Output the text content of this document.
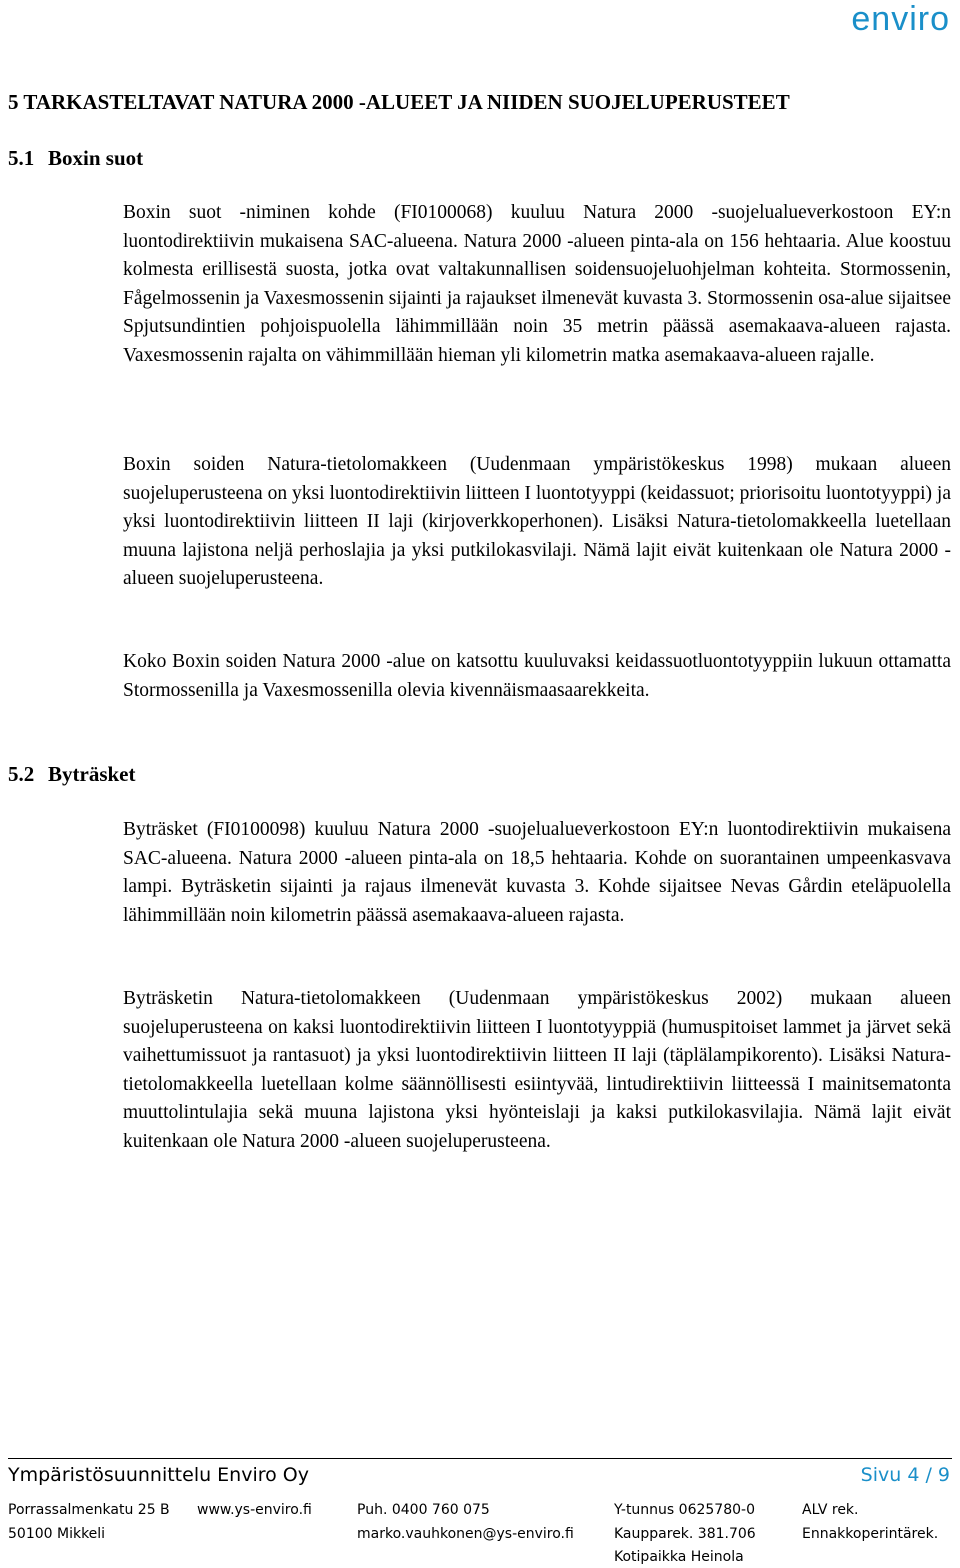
enviro
5 TARKASTELTAVAT NATURA 2000 -ALUEET JA NIIDEN SUOJELUPERUSTEET
5.1 Boxin suot
Boxin suot -niminen kohde (FI0100068) kuuluu Natura 2000 -suojelualueverkostoon EY:n luontodirektiivin mukaisena SAC-alueena. Natura 2000 -alueen pinta-ala on 156 hehtaaria. Alue koostuu kolmesta erillisestä suosta, jotka ovat valtakunnallisen soidensuojeluohjelman kohteita. Stormossenin, Fågelmossenin ja Vaxesmossenin sijainti ja rajaukset ilmenevät kuvasta 3. Stormossenin osa-alue sijaitsee Spjutsundintien pohjoispuolella lähimmillään noin 35 metrin päässä asemakaava-alueen rajasta. Vaxesmossenin rajalta on vähimmillään hieman yli kilometrin matka asemakaava-alueen rajalle.
Boxin soiden Natura-tietolomakkeen (Uudenmaan ympäristökeskus 1998) mukaan alueen suojeluperusteena on yksi luontodirektiivin liitteen I luontotyyppi (keidassuot; priorisoitu luontotyyppi) ja yksi luontodirektiivin liitteen II laji (kirjoverkkoperhonen). Lisäksi Natura-tietolomakkeella luetellaan muuna lajistona neljä perhoslajia ja yksi putkilokasvilaji. Nämä lajit eivät kuitenkaan ole Natura 2000 -alueen suojeluperusteena.
Koko Boxin soiden Natura 2000 -alue on katsottu kuuluvaksi keidassuotluontotyyppiin lukuun ottamatta Stormossenilla ja Vaxesmossenilla olevia kivennäismaasaarekkeita.
5.2 Byträsket
Byträsket (FI0100098) kuuluu Natura 2000 -suojelualueverkostoon EY:n luontodirektiivin mukaisena SAC-alueena. Natura 2000 -alueen pinta-ala on 18,5 hehtaaria. Kohde on suorantainen umpeenkasvava lampi. Byträsketin sijainti ja rajaus ilmenevät kuvasta 3. Kohde sijaitsee Nevas Gårdin eteläpuolella lähimmillään noin kilometrin päässä asemakaava-alueen rajasta.
Byträsketin Natura-tietolomakkeen (Uudenmaan ympäristökeskus 2002) mukaan alueen suojeluperusteena on kaksi luontodirektiivin liitteen I luontotyyppiä (humuspitoiset lammet ja järvet sekä vaihettumissuot ja rantasuot) ja yksi luontodirektiivin liitteen II laji (täplälampikorento). Lisäksi Natura-tietolomakkeella luetellaan kolme säännöllisesti esiintyvää, lintudirektiivin liitteessä I mainitsematonta muuttolintulajia sekä muuna lajistona yksi hyönteislaji ja kaksi putkilokasvilajia. Nämä lajit eivät kuitenkaan ole Natura 2000 -alueen suojeluperusteena.
Ympäristösuunnittelu Enviro Oy	Sivu 4 / 9
Porrassalmenkatu 25 B www.ys-enviro.fi	Puh. 0400 760 075	Y-tunnus 0625780-0	ALV rek.
50100 Mikkeli	marko.vauhkonen@ys-enviro.fi	Kaupparek. 381.706	Ennakkoperintärek.
Kotipaikka Heinola
